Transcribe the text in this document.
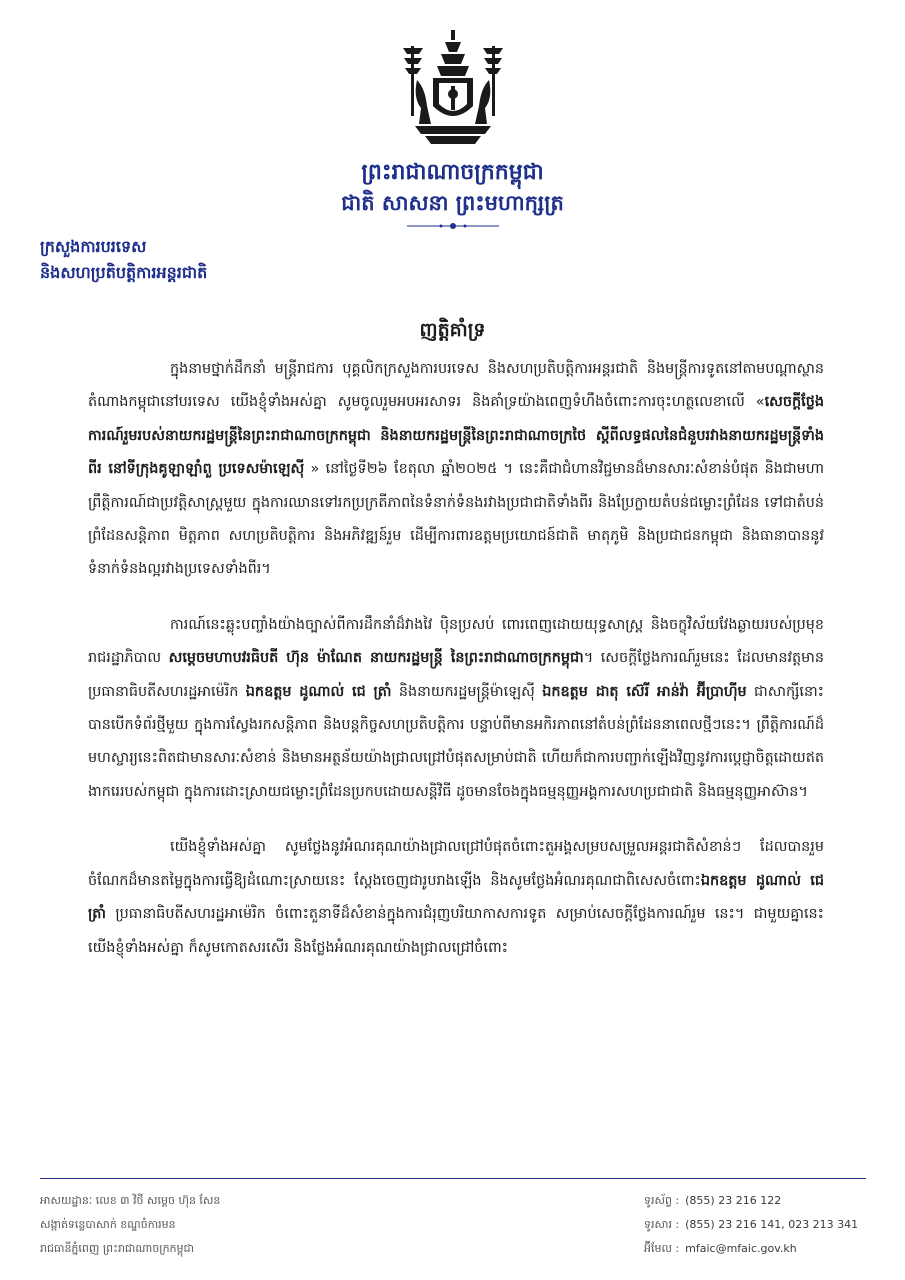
ព្រះរាជាណាចក្រកម្ពុជា
ជាតិ សាសនា ព្រះមហាក្សត្រ
ក្រសួងការបរទេស
និងសហប្រតិបត្តិការអន្តរជាតិ
ញត្តិគាំទ្រ

ក្នុងនាមថ្នាក់ដឹកនាំ មន្ត្រីរាជការ បុគ្គលិកក្រសួងការបរទេស និងសហប្រតិបត្តិការអន្តរជាតិ និងមន្ត្រីការទូតនៅតាមបណ្ដាស្ថានតំណាងកម្ពុជានៅបរទេស យើងខ្ញុំទាំងអស់គ្នា សូមចូលរួមអបអរសាទរ និងគាំទ្រយ៉ាងពេញទំហឹងចំពោះការចុះហត្ថលេខាលើ «សេចក្ដីថ្លែងការណ៍រួមរបស់នាយករដ្ឋមន្ត្រីនៃព្រះរាជាណាចក្រកម្ពុជា និងនាយករដ្ឋមន្ត្រីនៃព្រះរាជាណាចក្រថៃ ស្ដីពីលទ្ធផលនៃជំនួបរវាងនាយករដ្ឋមន្ត្រីទាំងពីរ នៅទីក្រុងគូឡាឡាំពួ ប្រទេសម៉ាឡេស៊ី » នៅថ្ងៃទី២៦ ខែតុលា ឆ្នាំ២០២៥ ។ នេះគឺជាជំហានវិជ្ជមានដ៏មានសារៈសំខាន់បំផុត និងជាមហាព្រឹត្តិការណ៍ជាប្រវត្តិសាស្ត្រមួយ ក្នុងការឈានទៅរកប្រក្រតីភាពនៃទំនាក់ទំនងរវាងប្រជាជាតិទាំងពីរ និងប្រែក្លាយតំបន់ជម្លោះព្រំដែន ទៅជាតំបន់ព្រំដែនសន្តិភាព មិត្តភាព សហប្រតិបត្តិការ និងអភិវឌ្ឍន៍រួម ដើម្បីការពារឧត្តមប្រយោជន៍ជាតិ មាតុភូមិ និងប្រជាជនកម្ពុជា និងធានាបាននូវទំនាក់ទំនងល្អរវាងប្រទេសទាំងពីរ។

ការណ៍នេះឆ្លុះបញ្ចាំងយ៉ាងច្បាស់ពីការដឹកនាំដ៏វាងវៃ ប៉ិនប្រសប់ ពោរពេញដោយយុទ្ធសាស្ត្រ និងចក្ខុវិស័យវែងឆ្ងាយរបស់ប្រមុខរាជរដ្ឋាភិបាល សម្ដេចមហាបវរធិបតី ហ៊ុន ម៉ាណែត នាយករដ្ឋមន្ត្រី នៃព្រះរាជាណាចក្រកម្ពុជា។ សេចក្ដីថ្លែងការណ៍រួមនេះ ដែលមានវត្តមានប្រធានាធិបតីសហរដ្ឋអាម៉េរិក ឯកឧត្តម ដូណាល់ ជេ ត្រាំ និងនាយករដ្ឋមន្ត្រីម៉ាឡេស៊ី ឯកឧត្តម ដាតុ ស៊េរី អាន់វ៉ា អ៊ីប្រាហ៊ីម ជាសាក្សីនោះ បានបើកទំព័រថ្មីមួយ ក្នុងការស្វែងរកសន្តិភាព និងបន្តកិច្ចសហប្រតិបត្តិការ បន្ទាប់ពីមានអកិរភាពនៅតំបន់ព្រំដែននាពេលថ្មីៗនេះ។ ព្រឹត្តិការណ៍ដ៏មហស្ចារ្យនេះពិតជាមានសារៈសំខាន់ និងមានអត្ថន័យយ៉ាងជ្រាលជ្រៅបំផុតសម្រាប់ជាតិ ហើយក៏ជាការបញ្ជាក់ឡើងវិញនូវការប្ដេជ្ញាចិត្តដោយឥតងាករេរបស់កម្ពុជា ក្នុងការដោះស្រាយជម្លោះព្រំដែនប្រកបដោយសន្តិវិធី ដូចមានចែងក្នុងធម្មនុញ្ញអង្គការសហប្រជាជាតិ និងធម្មនុញ្ញអាស៊ាន។

យើងខ្ញុំទាំងអស់គ្នា សូមថ្លែងនូវអំណរគុណយ៉ាងជ្រាលជ្រៅបំផុតចំពោះតួអង្គសម្របសម្រួលអន្តរជាតិសំខាន់ៗ ដែលបានរួមចំណែកដ៏មានតម្លៃក្នុងការធ្វើឱ្យដំណោះស្រាយនេះ ស្ដែងចេញជារូបរាងឡើង និងសូមថ្លែងអំណរគុណជាពិសេសចំពោះឯកឧត្តម ដូណាល់ ជេ ត្រាំ ប្រធានាធិបតីសហរដ្ឋអាម៉េរិក ចំពោះតួនាទីដ៏សំខាន់ក្នុងការជំរុញបរិយាកាសការទូត សម្រាប់សេចក្ដីថ្លែងការណ៍រួម នេះ។ ជាមួយគ្នានេះ យើងខ្ញុំទាំងអស់គ្នា ក៏សូមកោតសរសើរ និងថ្លែងអំណរគុណយ៉ាងជ្រាលជ្រៅចំពោះ

អាសយដ្ឋានៈ លេខ ៣ វិថី សម្ដេច ហ៊ុន សែន
សង្កាត់ទន្លេបាសាក់ ខណ្ឌចំការមន
រាជធានីភ្នំពេញ ព្រះរាជាណាចក្រកម្ពុជា
ទូរស័ព្ទ : (855) 23 216 122
ទូរសារ : (855) 23 216 141, 023 213 341
អ៊ីមែល : mfaic@mfaic.gov.kh
